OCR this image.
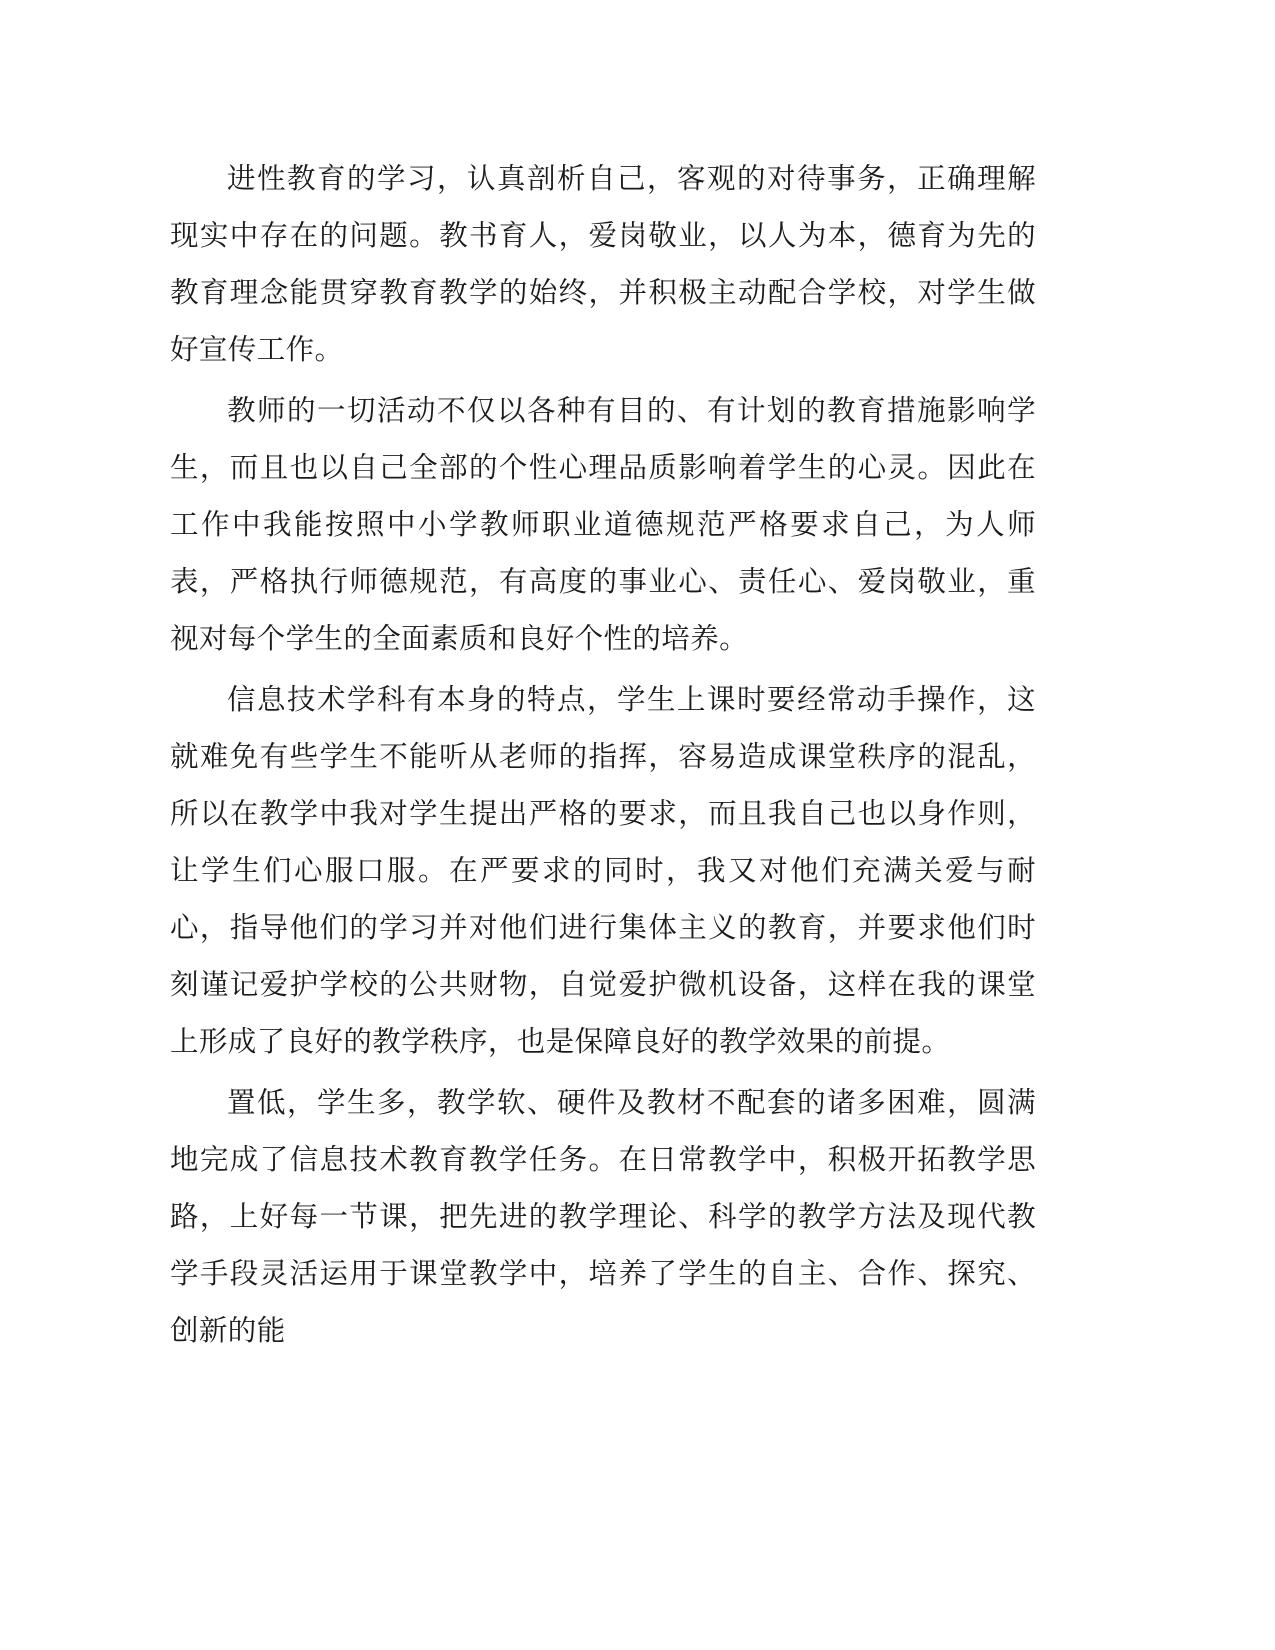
进性教育的学习，认真剖析自己，客观的对待事务，正确理解现实中存在的问题。教书育人，爱岗敬业，以人为本，德育为先的教育理念能贯穿教育教学的始终，并积极主动配合学校，对学生做好宣传工作。

教师的一切活动不仅以各种有目的、有计划的教育措施影响学生，而且也以自己全部的个性心理品质影响着学生的心灵。因此在工作中我能按照中小学教师职业道德规范严格要求自己，为人师表，严格执行师德规范，有高度的事业心、责任心、爱岗敬业，重视对每个学生的全面素质和良好个性的培养。

信息技术学科有本身的特点，学生上课时要经常动手操作，这就难免有些学生不能听从老师的指挥，容易造成课堂秩序的混乱，所以在教学中我对学生提出严格的要求，而且我自己也以身作则，让学生们心服口服。在严要求的同时，我又对他们充满关爱与耐心，指导他们的学习并对他们进行集体主义的教育，并要求他们时刻谨记爱护学校的公共财物，自觉爱护微机设备，这样在我的课堂上形成了良好的教学秩序，也是保障良好的教学效果的前提。

置低，学生多，教学软、硬件及教材不配套的诸多困难，圆满地完成了信息技术教育教学任务。在日常教学中，积极开拓教学思路，上好每一节课，把先进的教学理论、科学的教学方法及现代教学手段灵活运用于课堂教学中，培养了学生的自主、合作、探究、创新的能
